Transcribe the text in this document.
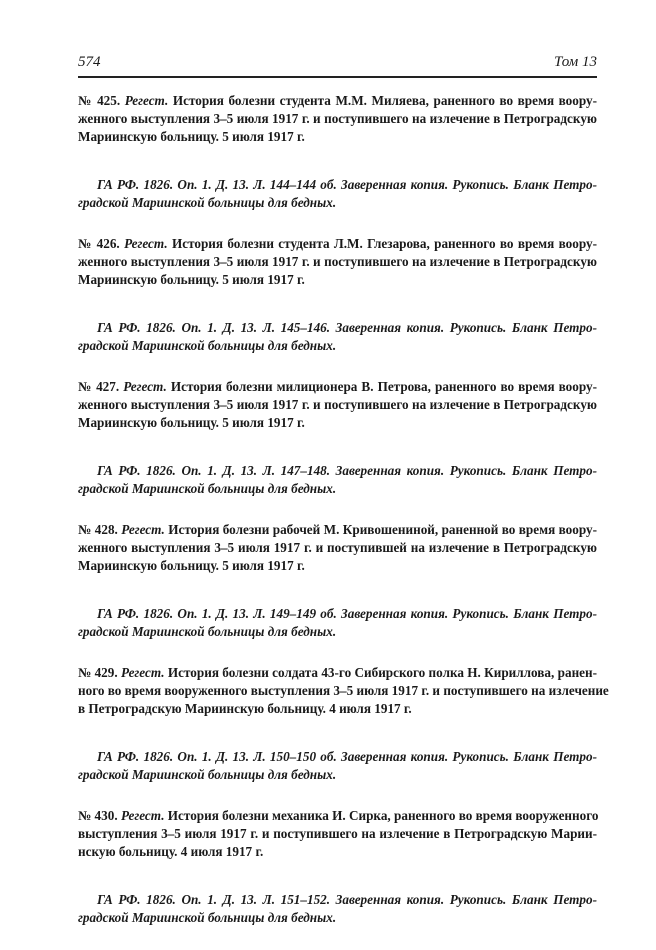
574	Том 13
№ 425. Регест. История болезни студента М.М. Миляева, раненного во время воору-
женного выступления 3–5 июля 1917 г. и поступившего на излечение в Петроградскую
Мариинскую больницу. 5 июля 1917 г.
ГА РФ. 1826. Оп. 1. Д. 13. Л. 144–144 об. Заверенная копия. Рукопись. Бланк Петро-
градской Мариинской больницы для бедных.
№ 426. Регест. История болезни студента Л.М. Глезарова, раненного во время воору-
женного выступления 3–5 июля 1917 г. и поступившего на излечение в Петроградскую
Мариинскую больницу. 5 июля 1917 г.
ГА РФ. 1826. Оп. 1. Д. 13. Л. 145–146. Заверенная копия. Рукопись. Бланк Петро-
градской Мариинской больницы для бедных.
№ 427. Регест. История болезни милиционера В. Петрова, раненного во время воору-
женного выступления 3–5 июля 1917 г. и поступившего на излечение в Петроградскую
Мариинскую больницу. 5 июля 1917 г.
ГА РФ. 1826. Оп. 1. Д. 13. Л. 147–148. Заверенная копия. Рукопись. Бланк Петро-
градской Мариинской больницы для бедных.
№ 428. Регест. История болезни рабочей М. Кривошениной, раненной во время воору-
женного выступления 3–5 июля 1917 г. и поступившей на излечение в Петроградскую
Мариинскую больницу. 5 июля 1917 г.
ГА РФ. 1826. Оп. 1. Д. 13. Л. 149–149 об. Заверенная копия. Рукопись. Бланк Петро-
градской Мариинской больницы для бедных.
№ 429. Регест. История болезни солдата 43-го Сибирского полка Н. Кириллова, ранен-
ного во время вооруженного выступления 3–5 июля 1917 г. и поступившего на излечение
в Петроградскую Мариинскую больницу. 4 июля 1917 г.
ГА РФ. 1826. Оп. 1. Д. 13. Л. 150–150 об. Заверенная копия. Рукопись. Бланк Петро-
градской Мариинской больницы для бедных.
№ 430. Регест. История болезни механика И. Сирка, раненного во время вооруженного
выступления 3–5 июля 1917 г. и поступившего на излечение в Петроградскую Марии-
нскую больницу. 4 июля 1917 г.
ГА РФ. 1826. Оп. 1. Д. 13. Л. 151–152. Заверенная копия. Рукопись. Бланк Петро-
градской Мариинской больницы для бедных.
